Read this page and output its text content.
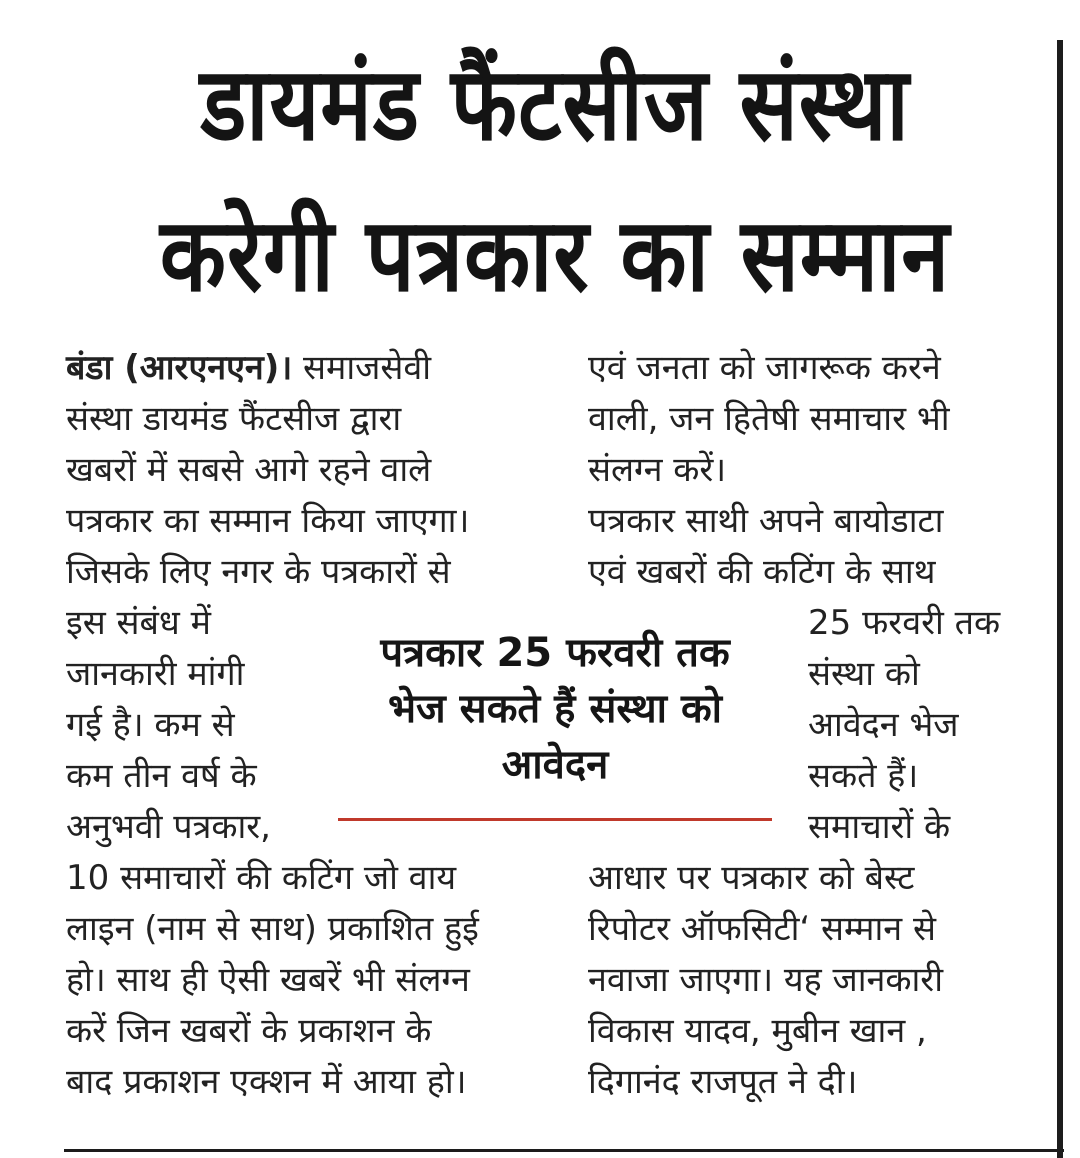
डायमंड फैंटसीज संस्था
करेगी पत्रकार का सम्मान
बंडा (आरएनएन)। समाजसेवी
संस्था डायमंड फैंटसीज द्वारा
खबरों में सबसे आगे रहने वाले
पत्रकार का सम्मान किया जाएगा।
जिसके लिए नगर के पत्रकारों से
इस संबंध में
जानकारी मांगी
गई है। कम से
कम तीन वर्ष के
अनुभवी पत्रकार,
10 समाचारों की कटिंग जो वाय
लाइन (नाम से साथ) प्रकाशित हुई
हो। साथ ही ऐसी खबरें भी संलग्न
करें जिन खबरों के प्रकाशन के
बाद प्रकाशन एक्शन में आया हो।
एवं जनता को जागरूक करने
वाली, जन हितेषी समाचार भी
संलग्न करें।
पत्रकार साथी अपने बायोडाटा
एवं खबरों की कटिंग के साथ
25 फरवरी तक
संस्था को
आवेदन भेज
सकते हैं।
समाचारों के
आधार पर पत्रकार को बेस्ट
रिपोटर ऑफसिटी‘ सम्मान से
नवाजा जाएगा। यह जानकारी
विकास यादव, मुबीन खान ,
दिगानंद राजपूत ने दी।
पत्रकार 25 फरवरी तक
भेज सकते हैं संस्था को
आवेदन
